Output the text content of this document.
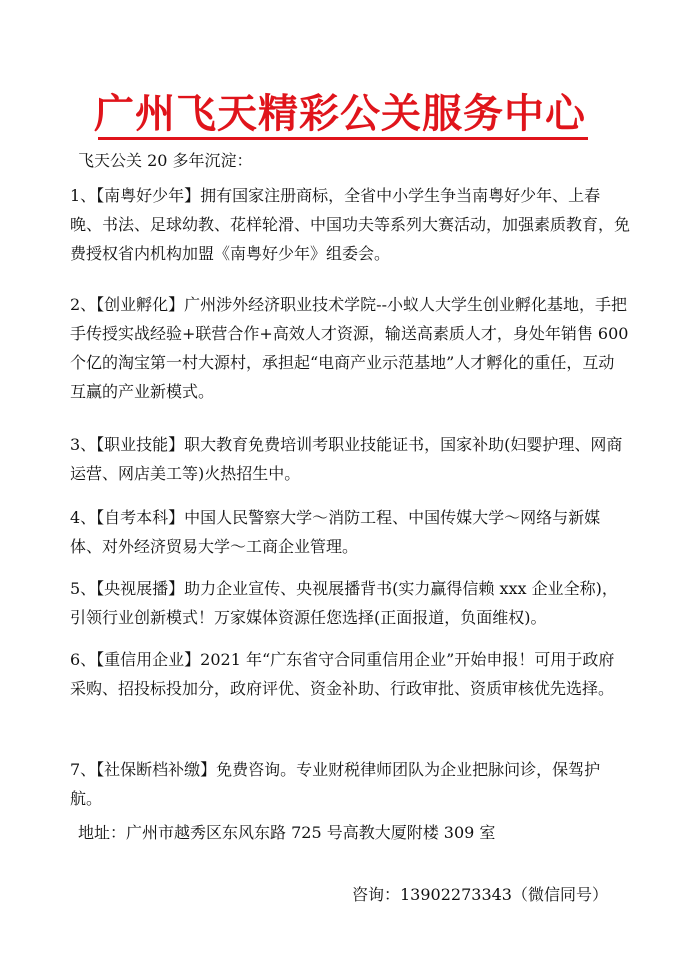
广州飞天精彩公关服务中心
飞天公关 20 多年沉淀：
1、【南粤好少年】拥有国家注册商标，全省中小学生争当南粤好少年、上春晚、书法、足球幼教、花样轮滑、中国功夫等系列大赛活动，加强素质教育，免费授权省内机构加盟《南粤好少年》组委会。
2、【创业孵化】广州涉外经济职业技术学院--小蚁人大学生创业孵化基地，手把手传授实战经验+联营合作+高效人才资源，输送高素质人才，身处年销售 600 个亿的淘宝第一村大源村，承担起“电商产业示范基地”人才孵化的重任，互动互赢的产业新模式。
3、【职业技能】职大教育免费培训考职业技能证书，国家补助(妇婴护理、网商运营、网店美工等)火热招生中。
4、【自考本科】中国人民警察大学～消防工程、中国传媒大学～网络与新媒体、对外经济贸易大学～工商企业管理。
5、【央视展播】助力企业宣传、央视展播背书(实力赢得信赖 xxx 企业全称)，引领行业创新模式！万家媒体资源任您选择(正面报道，负面维权)。
6、【重信用企业】2021 年“广东省守合同重信用企业”开始申报！可用于政府采购、招投标投加分，政府评优、资金补助、行政审批、资质审核优先选择。
7、【社保断档补缴】免费咨询。专业财税律师团队为企业把脉问诊，保驾护航。
地址：广州市越秀区东风东路 725 号高教大厦附楼 309 室
咨询：13902273343（微信同号）
